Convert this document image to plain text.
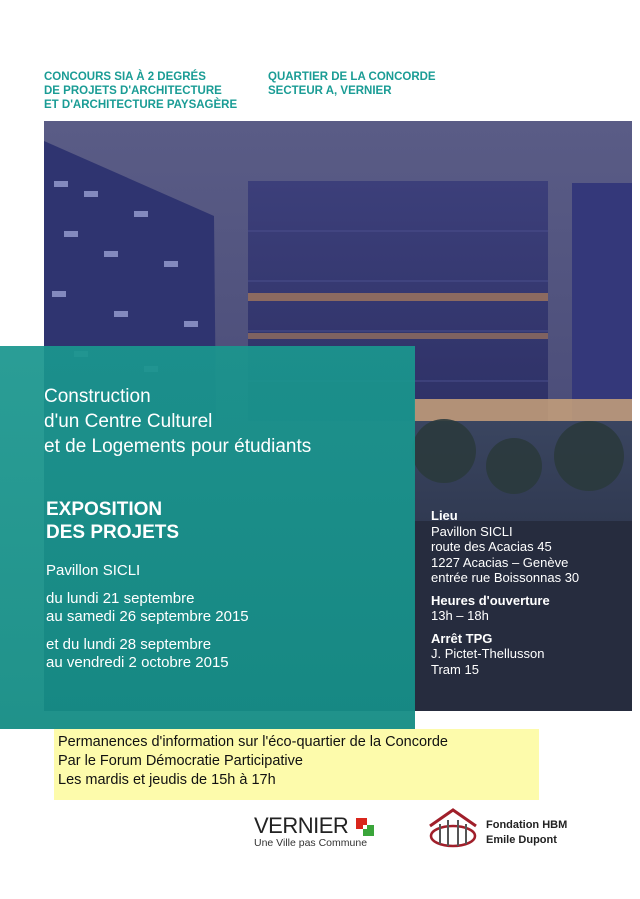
CONCOURS SIA À 2 DEGRÉS
DE PROJETS D'ARCHITECTURE
ET D'ARCHITECTURE PAYSAGÈRE
QUARTIER DE LA CONCORDE
SECTEUR A, VERNIER
Construction
d'un Centre Culturel
et de Logements pour étudiants
EXPOSITION
DES PROJETS
Pavillon SICLI
du lundi 21 septembre
au samedi 26 septembre 2015
et du lundi 28 septembre
au vendredi 2 octobre 2015
Lieu
Pavillon SICLI
route des Acacias 45
1227 Acacias – Genève
entrée rue Boissonnas 30
Heures d'ouverture
13h – 18h
Arrêt TPG
J. Pictet-Thellusson
Tram 15
Permanences d'information sur l'éco-quartier de la Concorde
Par le Forum Démocratie Participative
Les mardis et jeudis de 15h à 17h
VERNIER
Une Ville pas Commune
Fondation HBM
Emile Dupont
